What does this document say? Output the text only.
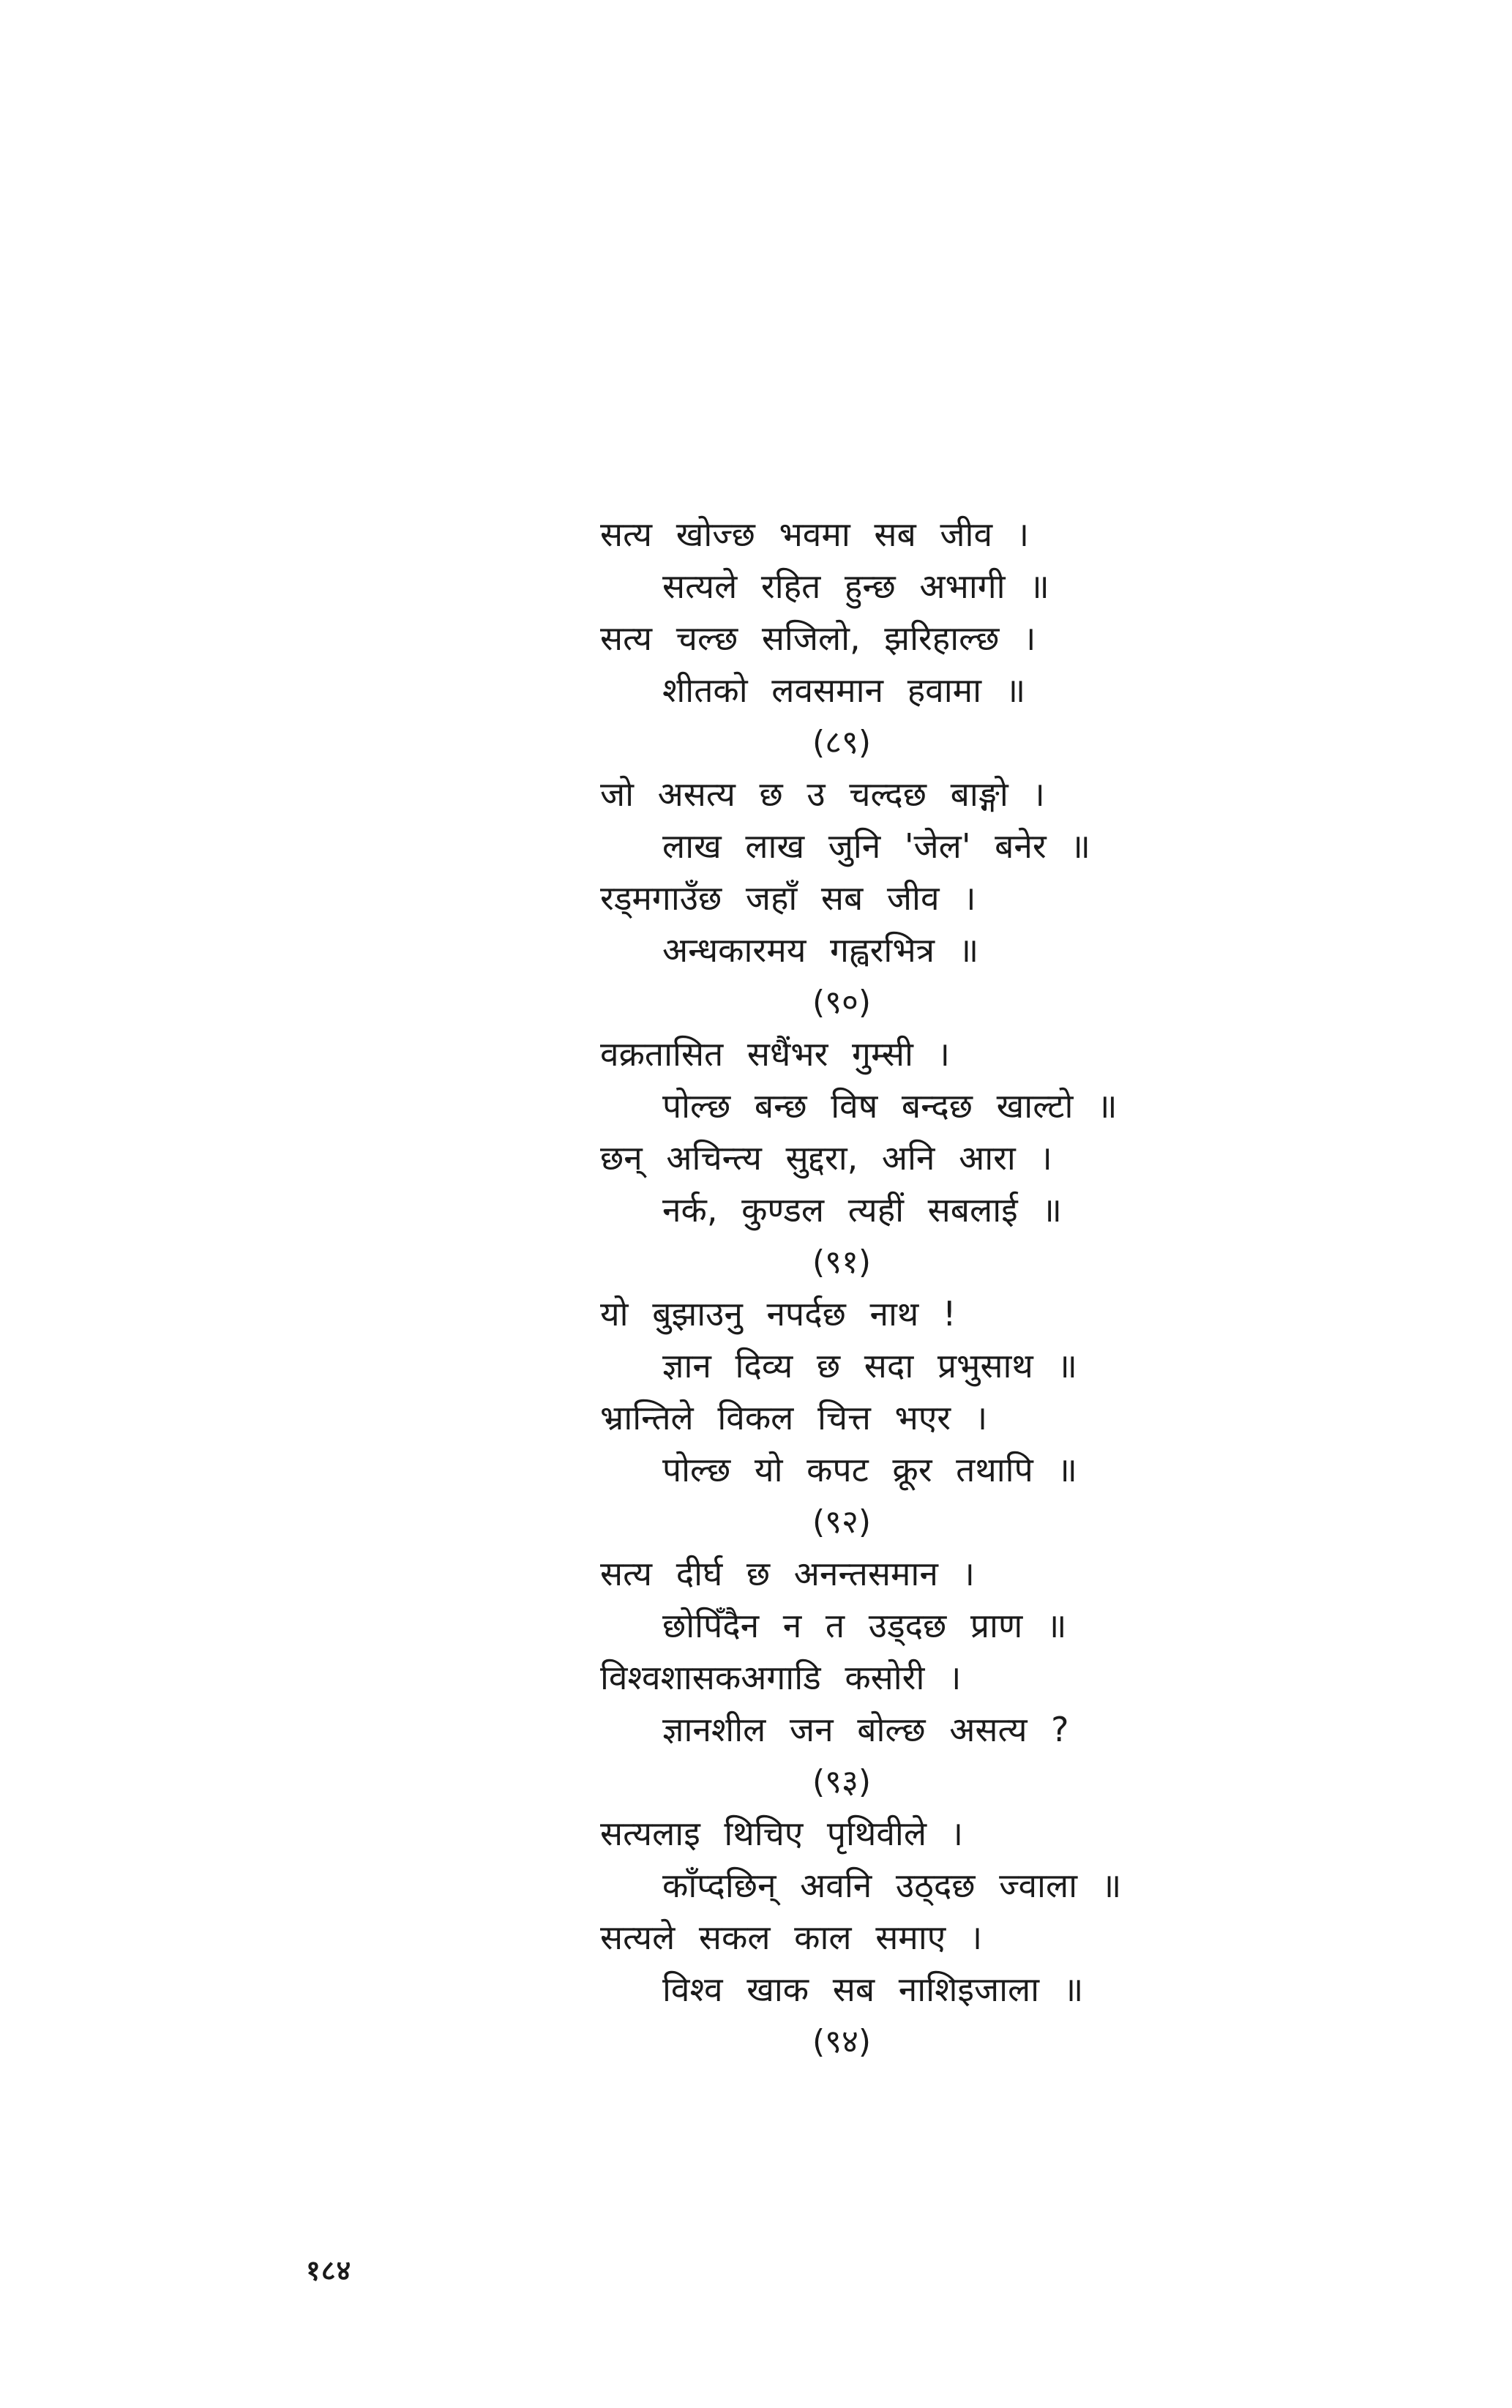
सत्य खोज्छ भवमा सब जीव ।
सत्यले रहित हुन्छ अभागी ॥
सत्य चल्छ सजिलो, झरिहाल्छ ।
शीतको लवसमान हवामा ॥
(८९)
जो असत्य छ उ चल्दछ बाङ्गो ।
लाख लाख जुनि 'जेल' बनेर ॥
रड्मगाउँछ जहाँ सब जीव ।
अन्धकारमय गह्वरभित्र ॥
(९०)
वक्रतासित सधैंभर गुम्सी ।
पोल्छ बन्छ विष बन्दछ खाल्टो ॥
छन् अचिन्त्य सुद्दरा, अनि आरा ।
नर्क, कुण्डल त्यहीं सबलाई ॥
(९१)
यो बुझाउनु नपर्दछ नाथ !
ज्ञान दिव्य छ सदा प्रभुसाथ ॥
भ्रान्तिले विकल चित्त भएर ।
पोल्छ यो कपट क्रूर तथापि ॥
(९२)
सत्य दीर्घ छ अनन्तसमान ।
छोपिँदैन न त उड्दछ प्राण ॥
विश्वशासकअगाडि कसोरी ।
ज्ञानशील जन बोल्छ असत्य ?
(९३)
सत्यलाइ थिचिए पृथिवीले ।
काँप्दछिन् अवनि उठ्दछ ज्वाला ॥
सत्यले सकल काल समाए ।
विश्व खाक सब नाशिइजाला ॥
(९४)
१८४
